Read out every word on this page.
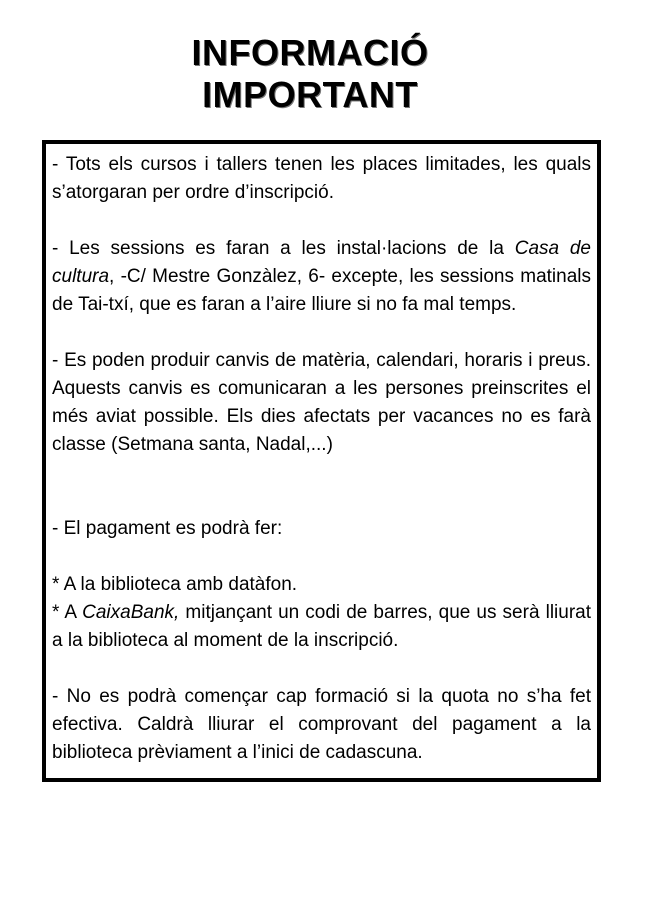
INFORMACIÓ
IMPORTANT

- Tots els cursos i tallers tenen les places limitades, les quals s’atorgaran per ordre d’inscripció.

- Les sessions es faran a les instal·lacions de la Casa de cultura, -C/ Mestre Gonzàlez, 6- excepte, les sessions matinals de Tai-txí, que es faran a l’aire lliure si no fa mal temps.

- Es poden produir canvis de matèria, calendari, horaris i preus. Aquests canvis es comunicaran a les persones preinscrites el més aviat possible. Els dies afectats per vacances no es farà classe (Setmana santa, Nadal,...)

- El pagament es podrà fer:

* A la biblioteca amb datàfon.

* A CaixaBank, mitjançant un codi de barres, que us serà lliurat a la biblioteca al moment de la inscripció.

- No es podrà començar cap formació si la quota no s’ha fet efectiva. Caldrà lliurar el comprovant del pagament a la biblioteca prèviament a l’inici de cadascuna.
